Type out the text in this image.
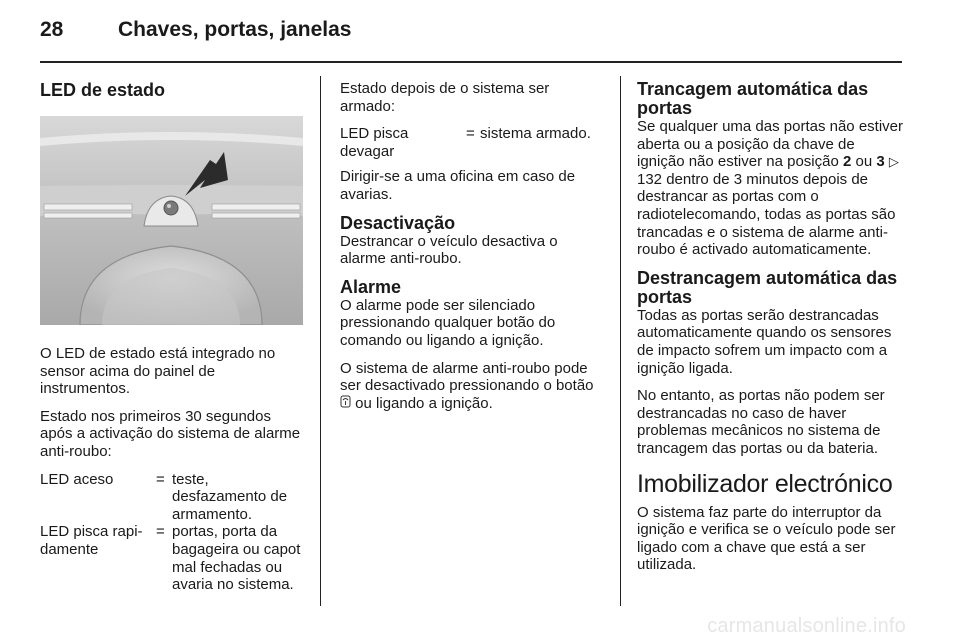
28	Chaves, portas, janelas
LED de estado

O LED de estado está integrado no sensor acima do painel de instrumentos.

Estado nos primeiros 30 segundos após a activação do sistema de alarme anti-roubo:

LED aceso	= teste, desfazamento de armamento.
LED pisca rapi-damente
= portas, porta da bagageira ou capot mal fechadas ou avaria no sistema.

Estado depois de o sistema ser armado:

LED pisca devagar
= sistema armado.

Dirigir-se a uma oficina em caso de avarias.

Desactivação

Destrancar o veículo desactiva o alarme anti-roubo.

Alarme

O alarme pode ser silenciado pressionando qualquer botão do comando ou ligando a ignição.

O sistema de alarme anti-roubo pode ser desactivado pressionando o botão  ou ligando a ignição.

Trancagem automática das portas

Se qualquer uma das portas não estiver aberta ou a posição da chave de ignição não estiver na posição 2 ou 3 ▷ 132 dentro de 3 minutos depois de destrancar as portas com o radiotelecomando, todas as portas são trancadas e o sistema de alarme anti-roubo é activado automaticamente.

Destrancagem automática das portas

Todas as portas serão destrancadas automaticamente quando os sensores de impacto sofrem um impacto com a ignição ligada.

No entanto, as portas não podem ser destrancadas no caso de haver problemas mecânicos no sistema de trancagem das portas ou da bateria.

Imobilizador electrónico

O sistema faz parte do interruptor da ignição e verifica se o veículo pode ser ligado com a chave que está a ser utilizada.

carmanualsonline.info
